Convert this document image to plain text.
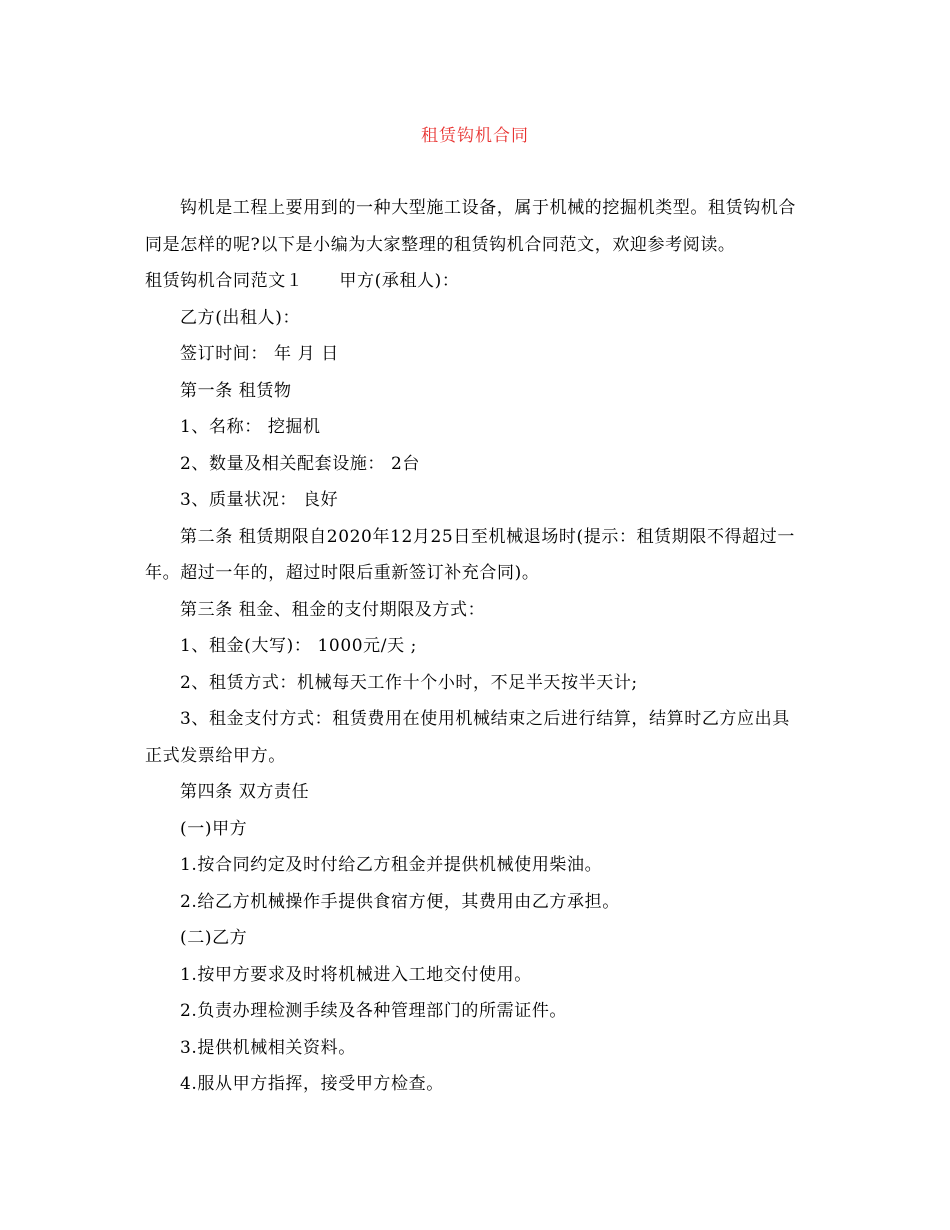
租赁钩机合同

钩机是工程上要用到的一种大型施工设备，属于机械的挖掘机类型。租赁钩机合同是怎样的呢?以下是小编为大家整理的租赁钩机合同范文，欢迎参考阅读。

租赁钩机合同范文１ 甲方(承租人)：

乙方(出租人)：

签订时间： 年 月 日

第一条 租赁物

1、名称： 挖掘机

2、数量及相关配套设施： 2台

3、质量状况： 良好

第二条 租赁期限自2020年12月25日至机械退场时(提示：租赁期限不得超过一年。超过一年的，超过时限后重新签订补充合同)。

第三条 租金、租金的支付期限及方式：

1、租金(大写)： 1000元/天 ;

2、租赁方式：机械每天工作十个小时，不足半天按半天计;

3、租金支付方式：租赁费用在使用机械结束之后进行结算，结算时乙方应出具正式发票给甲方。

第四条 双方责任

(一)甲方

1.按合同约定及时付给乙方租金并提供机械使用柴油。

2.给乙方机械操作手提供食宿方便，其费用由乙方承担。

(二)乙方

1.按甲方要求及时将机械进入工地交付使用。

2.负责办理检测手续及各种管理部门的所需证件。

3.提供机械相关资料。

4.服从甲方指挥，接受甲方检查。
